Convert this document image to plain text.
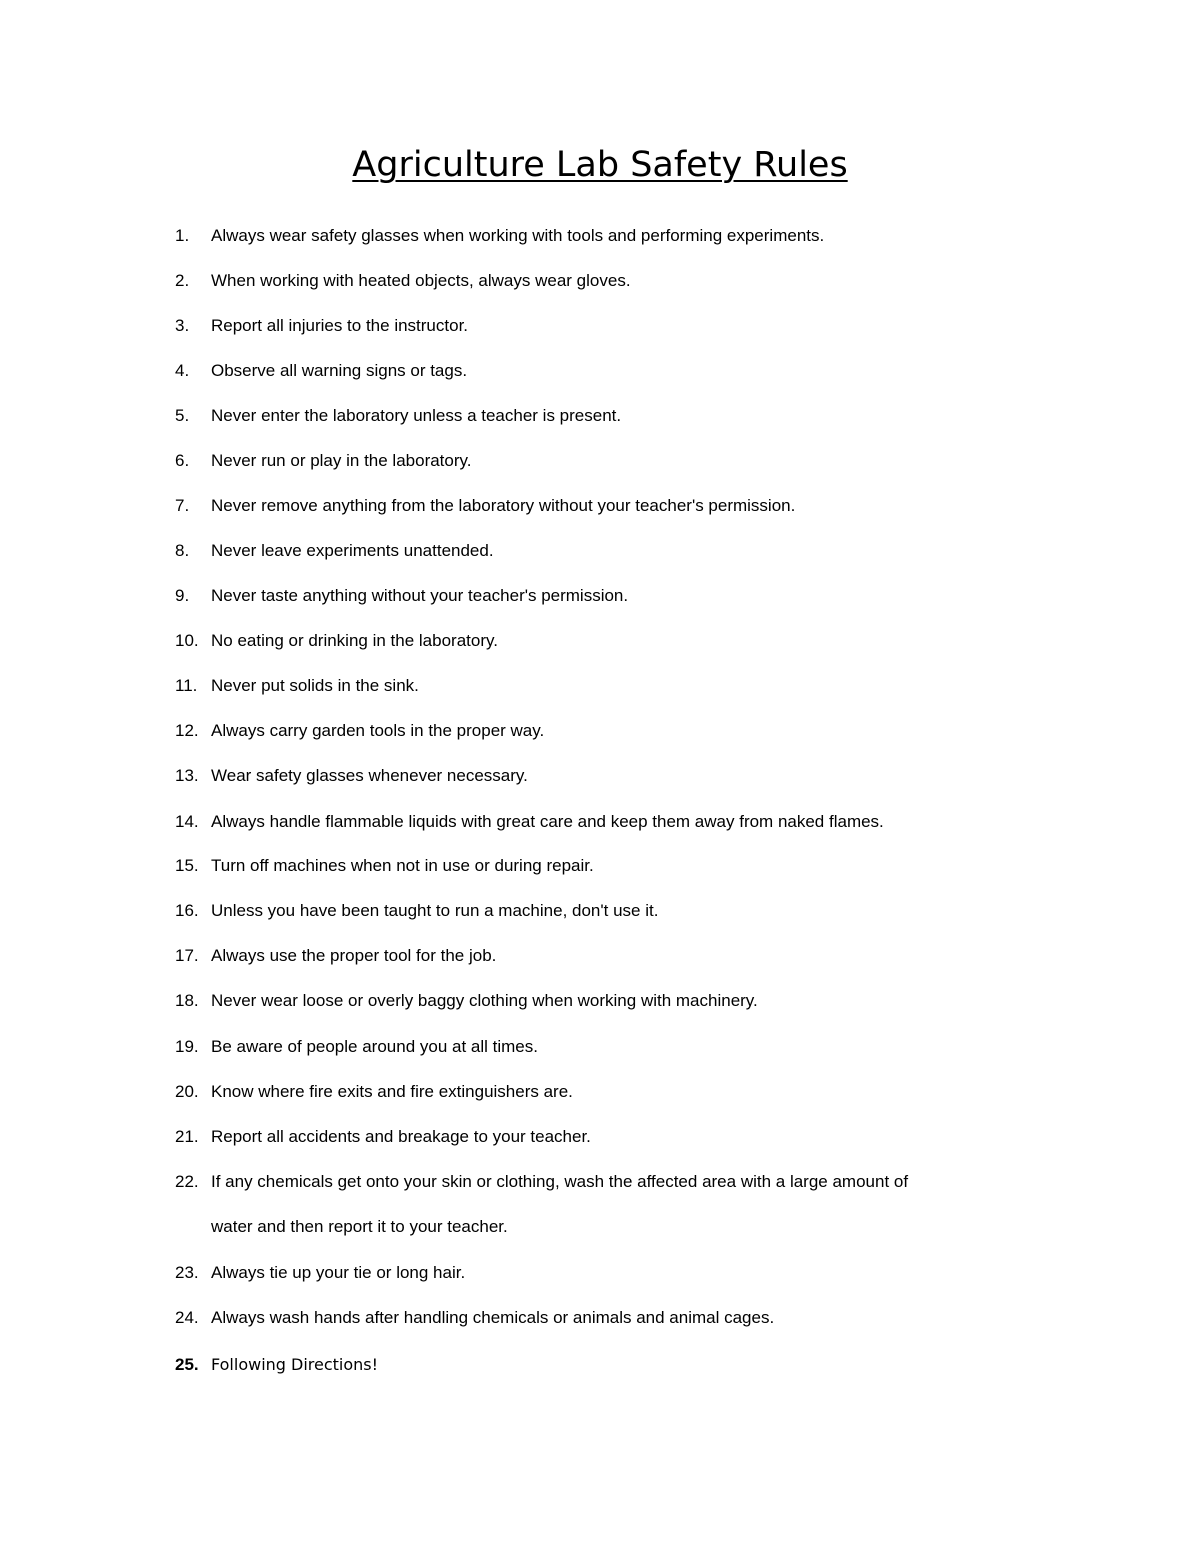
Agriculture Lab Safety Rules
1. Always wear safety glasses when working with tools and performing experiments.
2. When working with heated objects, always wear gloves.
3. Report all injuries to the instructor.
4. Observe all warning signs or tags.
5. Never enter the laboratory unless a teacher is present.
6. Never run or play in the laboratory.
7. Never remove anything from the laboratory without your teacher's permission.
8. Never leave experiments unattended.
9. Never taste anything without your teacher's permission.
10. No eating or drinking in the laboratory.
11. Never put solids in the sink.
12. Always carry garden tools in the proper way.
13. Wear safety glasses whenever necessary.
14. Always handle flammable liquids with great care and keep them away from naked flames.
15. Turn off machines when not in use or during repair.
16. Unless you have been taught to run a machine, don't use it.
17. Always use the proper tool for the job.
18. Never wear loose or overly baggy clothing when working with machinery.
19. Be aware of people around you at all times.
20. Know where fire exits and fire extinguishers are.
21. Report all accidents and breakage to your teacher.
22. If any chemicals get onto your skin or clothing, wash the affected area with a large amount of
water and then report it to your teacher.
23. Always tie up your tie or long hair.
24. Always wash hands after handling chemicals or animals and animal cages.
25. Following Directions!
